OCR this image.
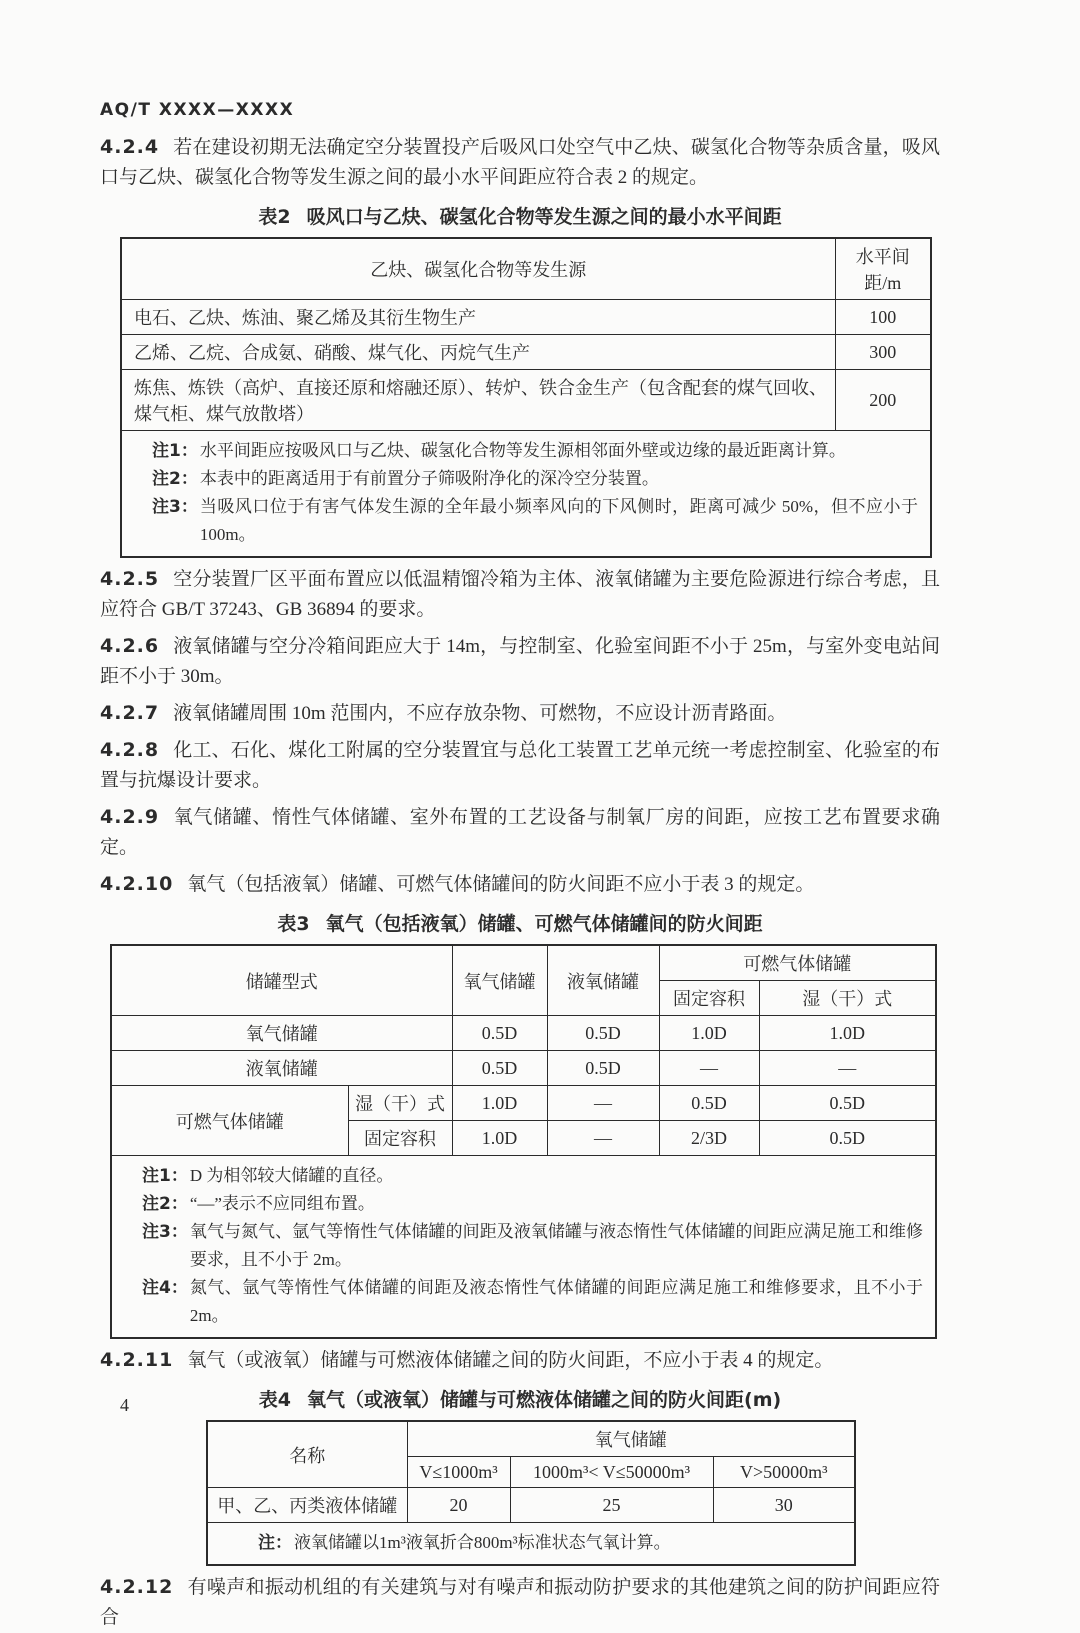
AQ/T XXXX—XXXX

4.2.4 若在建设初期无法确定空分装置投产后吸风口处空气中乙炔、碳氢化合物等杂质含量，吸风口与乙炔、碳氢化合物等发生源之间的最小水平间距应符合表 2 的规定。

表2 吸风口与乙炔、碳氢化合物等发生源之间的最小水平间距
乙炔、碳氢化合物等发生源	水平间距/m
电石、乙炔、炼油、聚乙烯及其衍生物生产	100
乙烯、乙烷、合成氨、硝酸、煤气化、丙烷气生产	300
炼焦、炼铁（高炉、直接还原和熔融还原）、转炉、铁合金生产（包含配套的煤气回收、煤气柜、煤气放散塔）	200

注1： 水平间距应按吸风口与乙炔、碳氢化合物等发生源相邻面外壁或边缘的最近距离计算。
注2： 本表中的距离适用于有前置分子筛吸附净化的深冷空分装置。
注3： 当吸风口位于有害气体发生源的全年最小频率风向的下风侧时，距离可减少 50%，但不应小于 100m。

4.2.5 空分装置厂区平面布置应以低温精馏冷箱为主体、液氧储罐为主要危险源进行综合考虑，且应符合 GB/T 37243、GB 36894 的要求。

4.2.6 液氧储罐与空分冷箱间距应大于 14m，与控制室、化验室间距不小于 25m，与室外变电站间距不小于 30m。

4.2.7 液氧储罐周围 10m 范围内，不应存放杂物、可燃物，不应设计沥青路面。

4.2.8 化工、石化、煤化工附属的空分装置宜与总化工装置工艺单元统一考虑控制室、化验室的布置与抗爆设计要求。

4.2.9 氧气储罐、惰性气体储罐、室外布置的工艺设备与制氧厂房的间距，应按工艺布置要求确定。

4.2.10 氧气（包括液氧）储罐、可燃气体储罐间的防火间距不应小于表 3 的规定。

表3 氧气（包括液氧）储罐、可燃气体储罐间的防火间距
储罐型式		氧气储罐	液氧储罐	可燃气体储罐	
				固定容积	湿（干）式
氧气储罐		0.5D	0.5D	1.0D	1.0D
液氧储罐		0.5D	0.5D	—	—
可燃气体储罐	湿（干）式	1.0D	—	0.5D	0.5D
	固定容积	1.0D	—	2/3D	0.5D

注1： D 为相邻较大储罐的直径。
注2： “—”表示不应同组布置。
注3： 氧气与氮气、氩气等惰性气体储罐的间距及液氧储罐与液态惰性气体储罐的间距应满足施工和维修要求，且不小于 2m。
注4： 氮气、氩气等惰性气体储罐的间距及液态惰性气体储罐的间距应满足施工和维修要求，且不小于 2m。

4.2.11 氧气（或液氧）储罐与可燃液体储罐之间的防火间距，不应小于表 4 的规定。

表4 氧气（或液氧）储罐与可燃液体储罐之间的防火间距(m)
名称	氧气储罐		
	V≤1000m³	1000m³< V≤50000m³	V>50000m³
甲、乙、丙类液体储罐	20	25	30

注： 液氧储罐以1m³液氧折合800m³标准状态气氧计算。			

4.2.12 有噪声和振动机组的有关建筑与对有噪声和振动防护要求的其他建筑之间的防护间距应符合

4
